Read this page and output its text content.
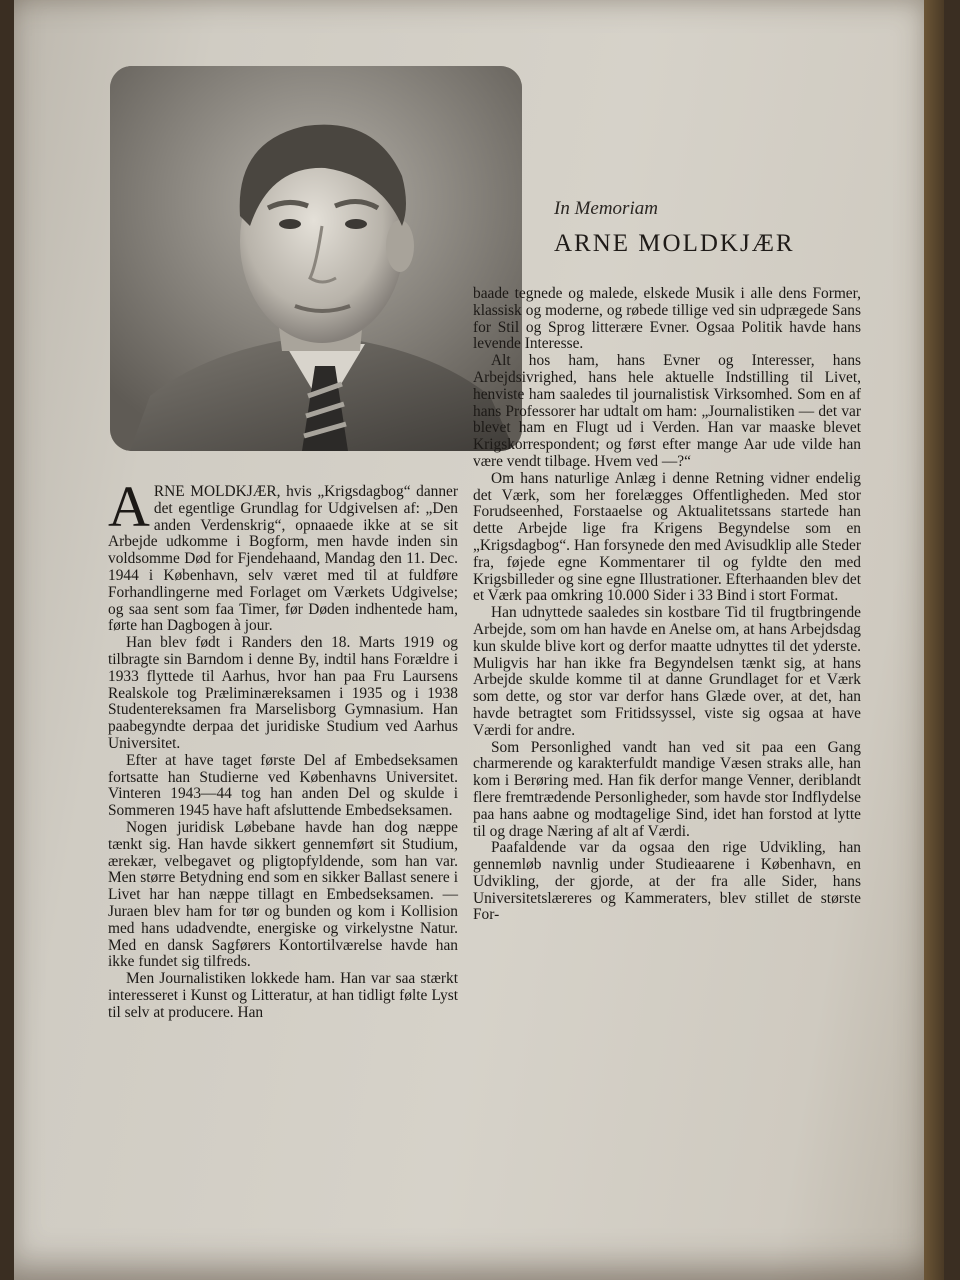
In Memoriam
ARNE MOLDKJÆR

ARNE MOLDKJÆR, hvis „Krigsdagbog“ danner det egentlige Grundlag for Udgivelsen af: „Den anden Verdenskrig“, opnaaede ikke at se sit Arbejde udkomme i Bogform, men havde inden sin voldsomme Død for Fjendehaand, Mandag den 11. Dec. 1944 i København, selv været med til at fuldføre Forhandlingerne med Forlaget om Værkets Udgivelse; og saa sent som faa Timer, før Døden indhentede ham, førte han Dagbogen à jour.

Han blev født i Randers den 18. Marts 1919 og tilbragte sin Barndom i denne By, indtil hans Forældre i 1933 flyttede til Aarhus, hvor han paa Fru Laursens Realskole tog Præliminæreksamen i 1935 og i 1938 Studentereksamen fra Marselisborg Gymnasium. Han paabegyndte derpaa det juridiske Studium ved Aarhus Universitet.

Efter at have taget første Del af Embedseksamen fortsatte han Studierne ved Københavns Universitet. Vinteren 1943—44 tog han anden Del og skulde i Sommeren 1945 have haft afsluttende Embedseksamen.

Nogen juridisk Løbebane havde han dog næppe tænkt sig. Han havde sikkert gennemført sit Studium, ærekær, velbegavet og pligtopfyldende, som han var. Men større Betydning end som en sikker Ballast senere i Livet har han næppe tillagt en Embedseksamen. — Juraen blev ham for tør og bunden og kom i Kollision med hans udadvendte, energiske og virkelystne Natur. Med en dansk Sagførers Kontortilværelse havde han ikke fundet sig tilfreds.

Men Journalistiken lokkede ham. Han var saa stærkt interesseret i Kunst og Litteratur, at han tidligt følte Lyst til selv at producere. Han

baade tegnede og malede, elskede Musik i alle dens Former, klassisk og moderne, og røbede tillige ved sin udprægede Sans for Stil og Sprog litterære Evner. Ogsaa Politik havde hans levende Interesse.

Alt hos ham, hans Evner og Interesser, hans Arbejdsivrighed, hans hele aktuelle Indstilling til Livet, henviste ham saaledes til journalistisk Virksomhed. Som en af hans Professorer har udtalt om ham: „Journalistiken — det var blevet ham en Flugt ud i Verden. Han var maaske blevet Krigskorrespondent; og først efter mange Aar ude vilde han være vendt tilbage. Hvem ved —?“

Om hans naturlige Anlæg i denne Retning vidner endelig det Værk, som her forelægges Offentligheden. Med stor Forudseenhed, Forstaaelse og Aktualitetssans startede han dette Arbejde lige fra Krigens Begyndelse som en „Krigsdagbog“. Han forsynede den med Avisudklip alle Steder fra, føjede egne Kommentarer til og fyldte den med Krigsbilleder og sine egne Illustrationer. Efterhaanden blev det et Værk paa omkring 10.000 Sider i 33 Bind i stort Format.

Han udnyttede saaledes sin kostbare Tid til frugtbringende Arbejde, som om han havde en Anelse om, at hans Arbejdsdag kun skulde blive kort og derfor maatte udnyttes til det yderste. Muligvis har han ikke fra Begyndelsen tænkt sig, at hans Arbejde skulde komme til at danne Grundlaget for et Værk som dette, og stor var derfor hans Glæde over, at det, han havde betragtet som Fritidssyssel, viste sig ogsaa at have Værdi for andre.

Som Personlighed vandt han ved sit paa een Gang charmerende og karakterfuldt mandige Væsen straks alle, han kom i Berøring med. Han fik derfor mange Venner, deriblandt flere fremtrædende Personligheder, som havde stor Indflydelse paa hans aabne og modtagelige Sind, idet han forstod at lytte til og drage Næring af alt af Værdi.

Paafaldende var da ogsaa den rige Udvikling, han gennemløb navnlig under Studieaarene i København, en Udvikling, der gjorde, at der fra alle Sider, hans Universitetslæreres og Kammeraters, blev stillet de største For-
